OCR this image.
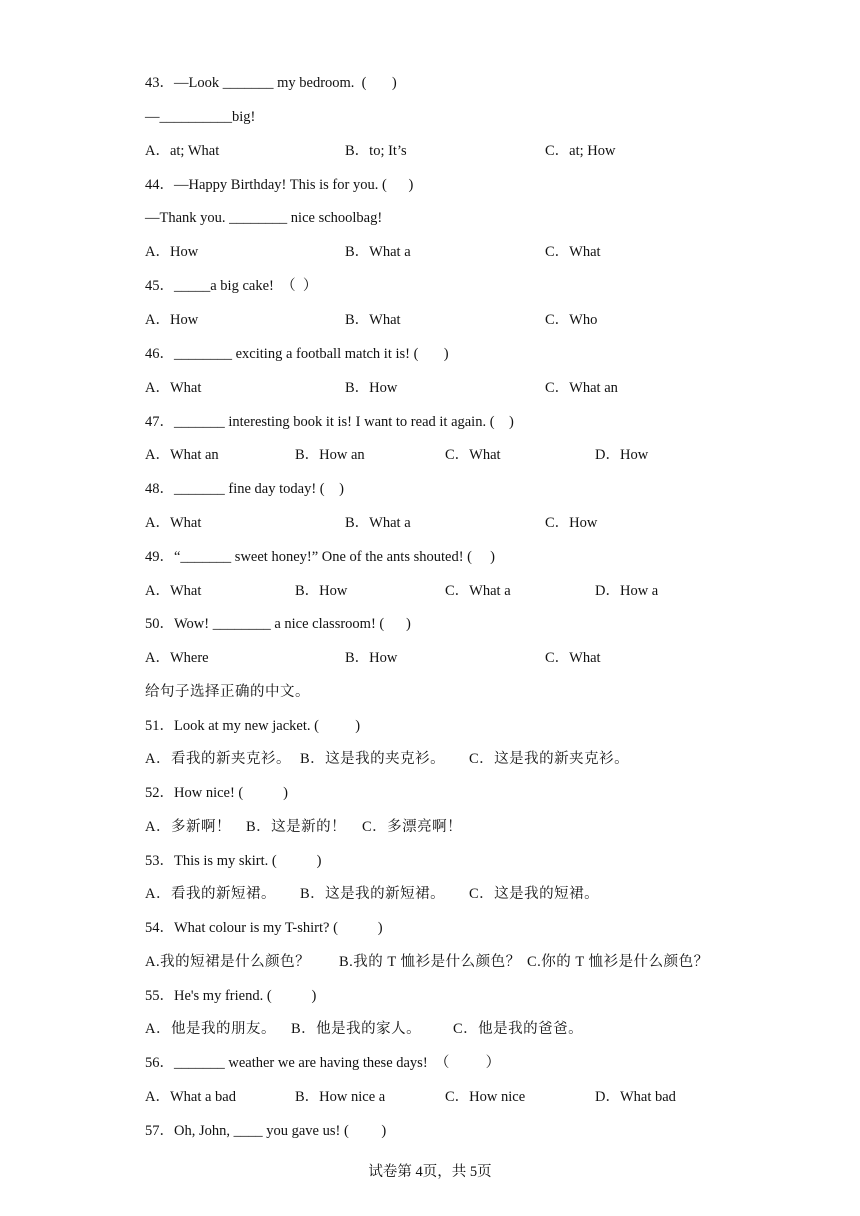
43．—Look _______ my bedroom.  (       )
—__________big!
A．at; What	B．to; It’s	C．at; How
44．—Happy Birthday! This is for you. (      )
—Thank you. ________ nice schoolbag!
A．How	B．What a	C．What
45．_____a big cake!  （  ）
A．How	B．What	C．Who
46．________ exciting a football match it is! (       )
A．What	B．How	C．What an
47．_______ interesting book it is! I want to read it again. (    )
A．What an	B．How an	C．What	D．How
48．_______ fine day today! (    )
A．What	B．What a	C．How
49．“_______ sweet honey!” One of the ants shouted! (     )
A．What	B．How	C．What a	D．How a
50．Wow! ________ a nice classroom! (      )
A．Where	B．How	C．What
给句子选择正确的中文。
51．Look at my new jacket. (          )
A．看我的新夹克衫。 B．这是我的夹克衫。 C．这是我的新夹克衫。
52．How nice! (           )
A．多新啊！ B．这是新的！ C．多漂亮啊！
53．This is my skirt. (           )
A．看我的新短裙。 B．这是我的新短裙。 C．这是我的短裙。
54．What colour is my T-shirt? (           )
A.我的短裙是什么颜色？ B.我的 T 恤衫是什么颜色？ C.你的 T 恤衫是什么颜色？
55．He's my friend. (           )
A．他是我的朋友。 B．他是我的家人。 C．他是我的爸爸。
56．_______ weather we are having these days!  （          ）
A．What a bad	B．How nice a	C．How nice	D．What bad
57．Oh, John, ____ you gave us! (         )
试卷第 4页，共 5页
